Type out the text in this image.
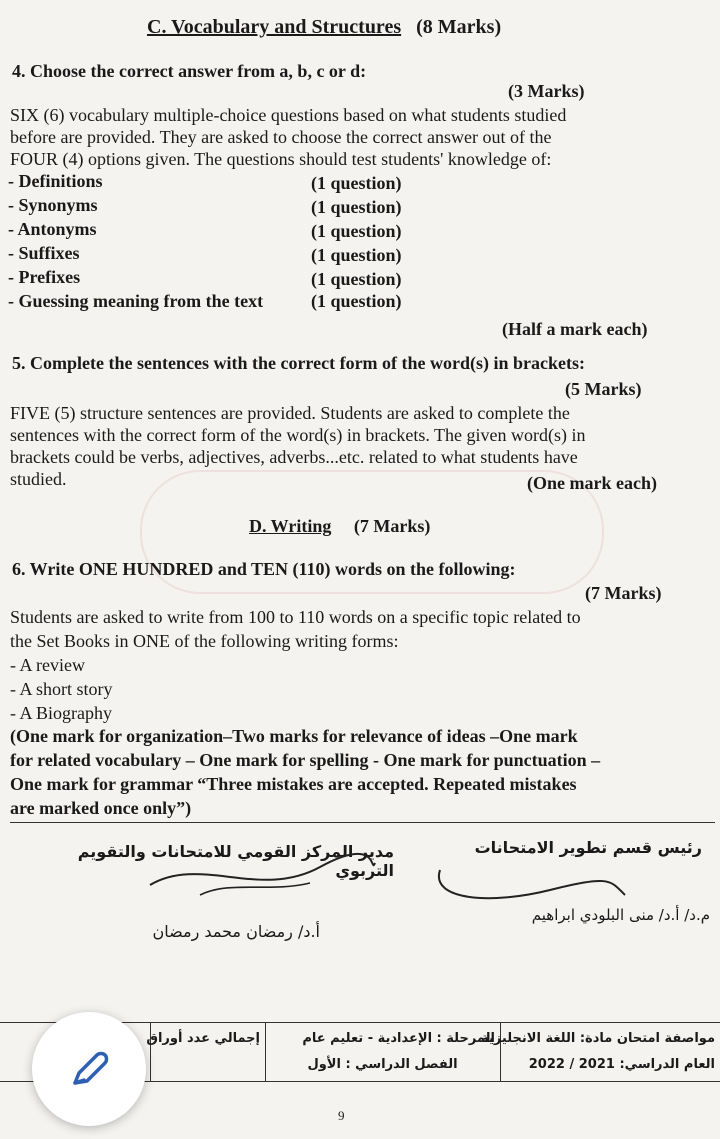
C. Vocabulary and Structures (8 Marks)
4. Choose the correct answer from a, b, c or d:
(3 Marks)
SIX (6) vocabulary multiple-choice questions based on what students studied
before are provided. They are asked to choose the correct answer out of the
FOUR (4) options given. The questions should test students' knowledge of:
- Definitions	(1 question)
- Synonyms	(1 question)
- Antonyms	(1 question)
- Suffixes	(1 question)
- Prefixes	(1 question)
- Guessing meaning from the text	(1 question)
(Half a mark each)
5. Complete the sentences with the correct form of the word(s) in brackets:
(5 Marks)
FIVE (5) structure sentences are provided. Students are asked to complete the
sentences with the correct form of the word(s) in brackets. The given word(s) in
brackets could be verbs, adjectives, adverbs...etc. related to what students have
studied.	(One mark each)
D. Writing (7 Marks)
6. Write ONE HUNDRED and TEN (110) words on the following:
(7 Marks)
Students are asked to write from 100 to 110 words on a specific topic related to
the Set Books in ONE of the following writing forms:
- A review
- A short story
- A Biography
(One mark for organization–Two marks for relevance of ideas –One mark
for related vocabulary – One mark for spelling - One mark for punctuation –
One mark for grammar “Three mistakes are accepted. Repeated mistakes
are marked once only”)
مدير المركز القومي للامتحانات والتقويم التربوي
أ.د/ رمضان محمد رمضان
رئيس قسم تطوير الامتحانات
م.د/ أ.د/ منى البلودي ابراهيم
مواصفة امتحان مادة: اللغة الانجليزية
العام الدراسي: 2021 / 2022
المرحلة : الإعدادية - تعليم عام
الفصل الدراسي : الأول
إجمالي عدد أوراق
9
